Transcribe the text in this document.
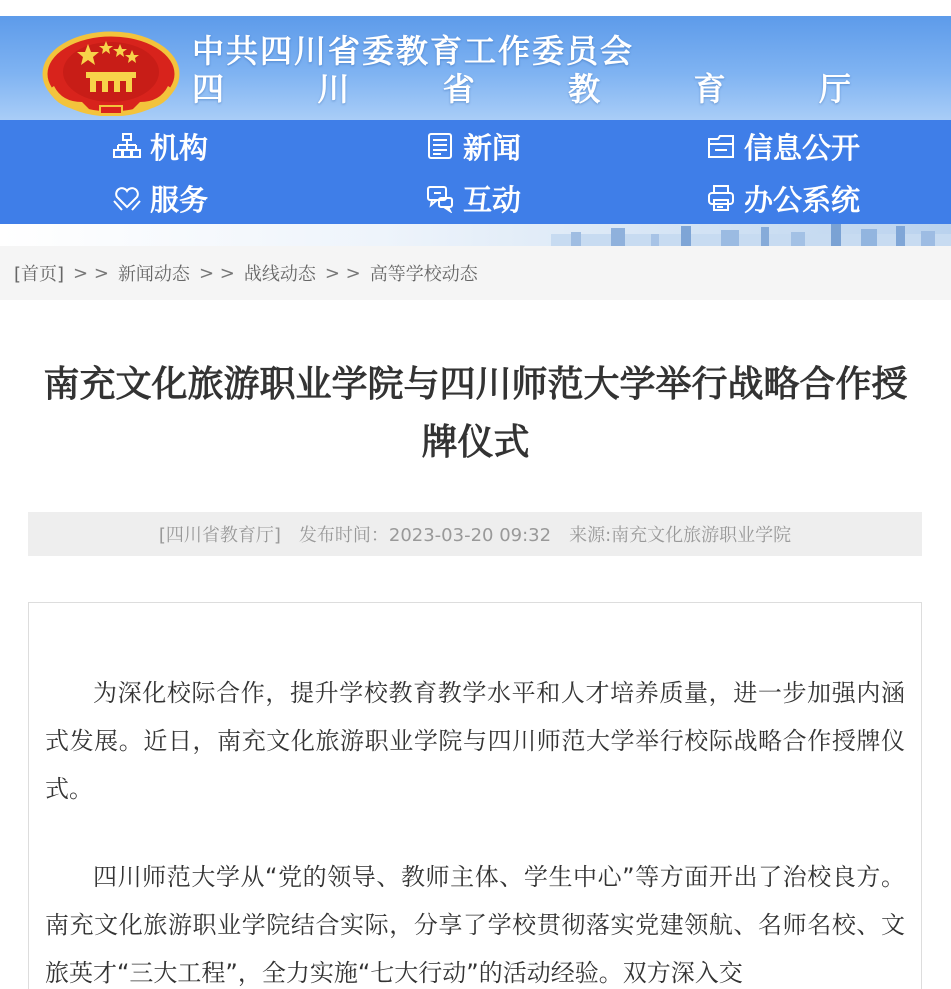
中共四川省委教育工作委员会
四	川	省	教	育	厅
机构	新闻	信息公开
服务	互动	办公系统
[首页] > > 新闻动态 > > 战线动态 > > 高等学校动态
南充文化旅游职业学院与四川师范大学举行战略合作授牌仪式
[四川省教育厅] 发布时间：2023-03-20 09:32 来源:南充文化旅游职业学院

为深化校际合作，提升学校教育教学水平和人才培养质量，进一步加强内涵式发展。近日，南充文化旅游职业学院与四川师范大学举行校际战略合作授牌仪式。

四川师范大学从“党的领导、教师主体、学生中心”等方面开出了治校良方。南充文化旅游职业学院结合实际，分享了学校贯彻落实党建领航、名师名校、文旅英才“三大工程”，全力实施“七大行动”的活动经验。双方深入交
